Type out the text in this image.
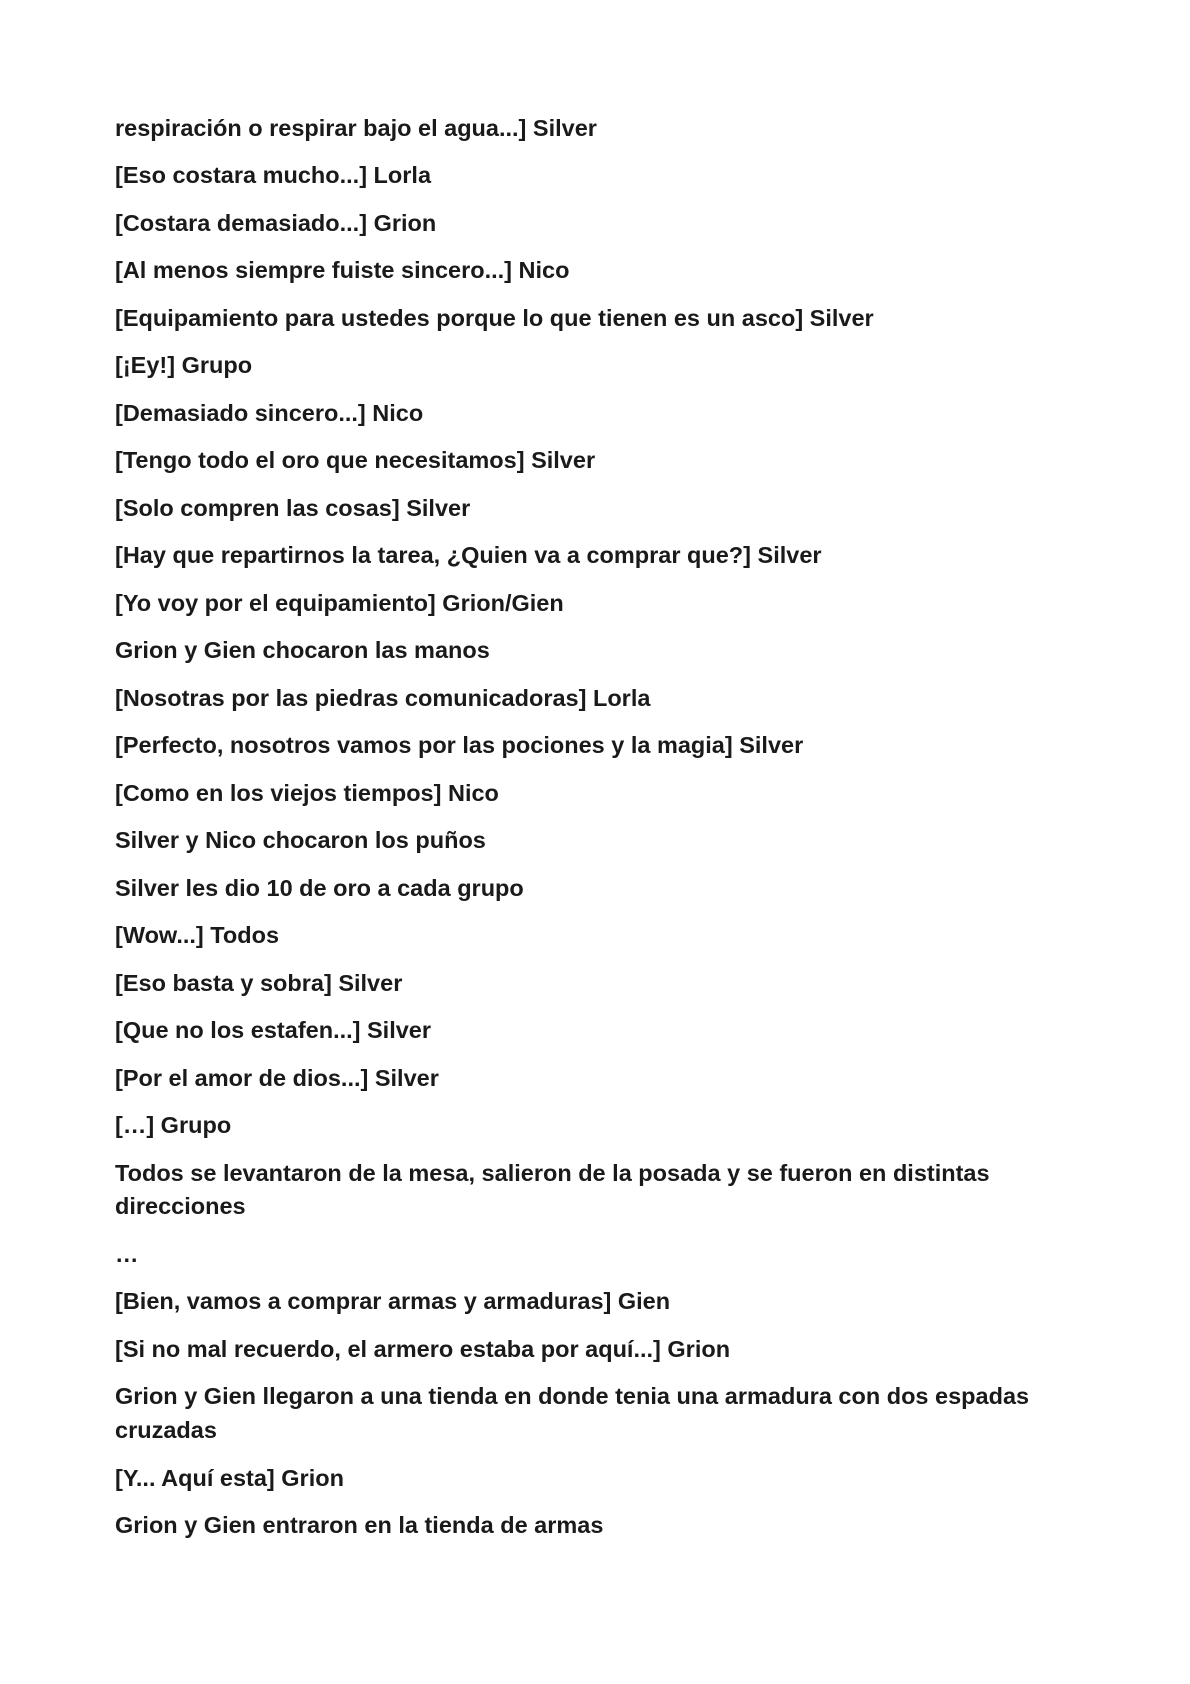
respiración o respirar bajo el agua...] Silver

[Eso costara mucho...] Lorla

[Costara demasiado...] Grion

[Al menos siempre fuiste sincero...] Nico

[Equipamiento para ustedes porque lo que tienen es un asco] Silver

[¡Ey!] Grupo

[Demasiado sincero...] Nico

[Tengo todo el oro que necesitamos] Silver

[Solo compren las cosas] Silver

[Hay que repartirnos la tarea, ¿Quien va a comprar que?] Silver

[Yo voy por el equipamiento] Grion/Gien

Grion y Gien chocaron las manos

[Nosotras por las piedras comunicadoras] Lorla

[Perfecto, nosotros vamos por las pociones y la magia] Silver

[Como en los viejos tiempos] Nico

Silver y Nico chocaron los puños

Silver les dio 10 de oro a cada grupo

[Wow...] Todos

[Eso basta y sobra] Silver

[Que no los estafen...] Silver

[Por el amor de dios...] Silver

[…] Grupo

Todos se levantaron de la mesa, salieron de la posada y se fueron en distintas direcciones

…

[Bien, vamos a comprar armas y armaduras] Gien

[Si no mal recuerdo, el armero estaba por aquí...] Grion

Grion y Gien llegaron a una tienda en donde tenia una armadura con dos espadas cruzadas

[Y... Aquí esta] Grion

Grion y Gien entraron en la tienda de armas
